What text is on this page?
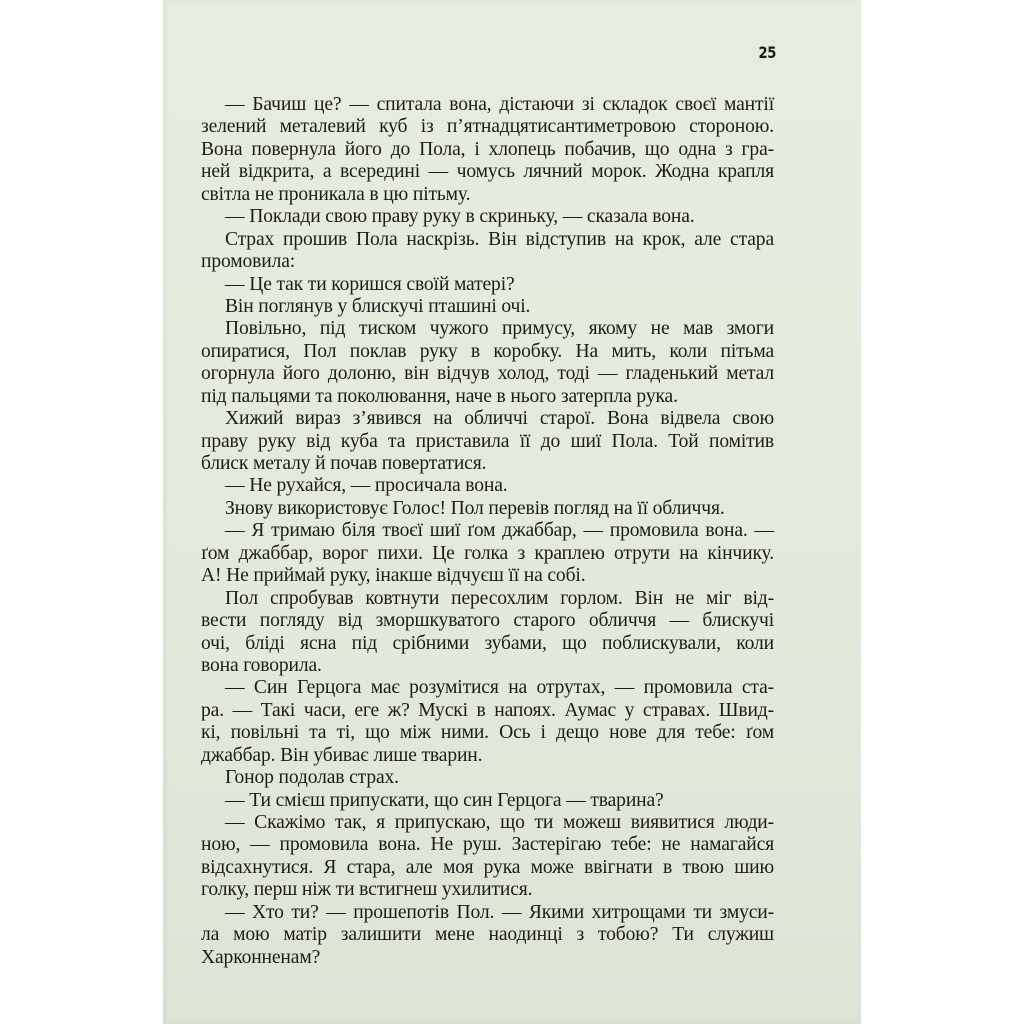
25
— Бачиш це? — спитала вона, дістаючи зі складок своєї мантії
зелений металевий куб із п’ятнадцятисантиметровою стороною.
Вона повернула його до Пола, і хлопець побачив, що одна з гра-
ней відкрита, а всередині — чомусь лячний морок. Жодна крапля
світла не проникала в цю пітьму.
— Поклади свою праву руку в скриньку, — сказала вона.
Страх прошив Пола наскрізь. Він відступив на крок, але стара
промовила:
— Це так ти коришся своїй матері?
Він поглянув у блискучі пташині очі.
Повільно, під тиском чужого примусу, якому не мав змоги
опиратися, Пол поклав руку в коробку. На мить, коли пітьма
огорнула його долоню, він відчув холод, тоді — гладенький метал
під пальцями та поколювання, наче в нього затерпла рука.
Хижий вираз з’явився на обличчі старої. Вона відвела свою
праву руку від куба та приставила її до шиї Пола. Той помітив
блиск металу й почав повертатися.
— Не рухайся, — просичала вона.
Знову використовує Голос! Пол перевів погляд на її обличчя.
— Я тримаю біля твоєї шиї ґом джаббар, — промовила вона. —
ґом джаббар, ворог пихи. Це голка з краплею отрути на кінчику.
А! Не приймай руку, інакше відчуєш її на собі.
Пол спробував ковтнути пересохлим горлом. Він не міг від-
вести погляду від зморшкуватого старого обличчя — блискучі
очі, бліді ясна під срібними зубами, що поблискували, коли
вона говорила.
— Син Герцога має розумітися на отрутах, — промовила ста-
ра. — Такі часи, еге ж? Мускі в напоях. Аумас у стравах. Швид-
кі, повільні та ті, що між ними. Ось і дещо нове для тебе: ґом
джаббар. Він убиває лише тварин.
Гонор подолав страх.
— Ти смієш припускати, що син Герцога — тварина?
— Скажімо так, я припускаю, що ти можеш виявитися люди-
ною, — промовила вона. Не руш. Застерігаю тебе: не намагайся
відсахнутися. Я стара, але моя рука може ввігнати в твою шию
голку, перш ніж ти встигнеш ухилитися.
— Хто ти? — прошепотів Пол. — Якими хитрощами ти змуси-
ла мою матір залишити мене наодинці з тобою? Ти служиш
Харконненам?
